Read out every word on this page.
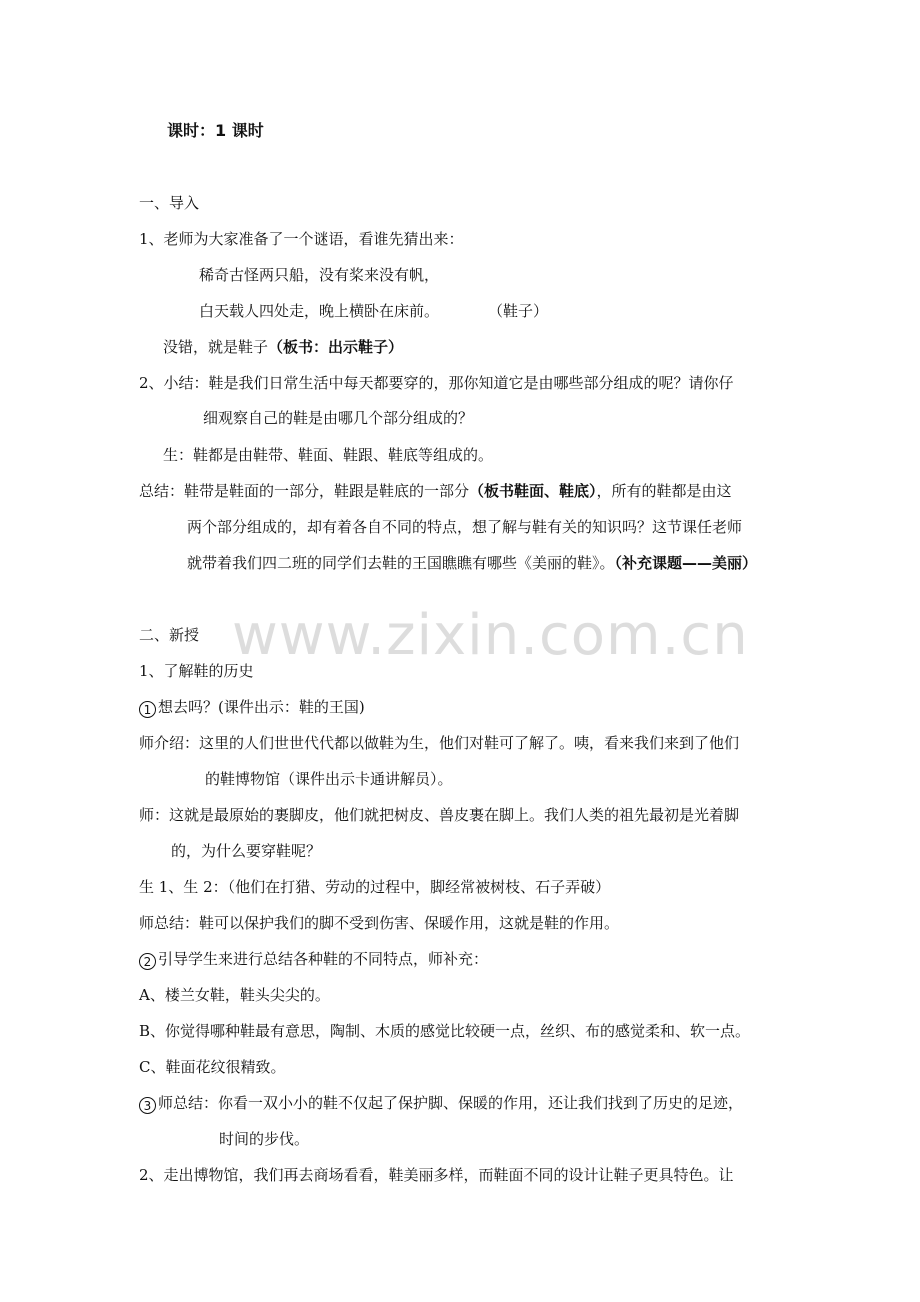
www.zixin.com.cn
课时：1 课时
一、导入
1、老师为大家准备了一个谜语，看谁先猜出来：
稀奇古怪两只船，没有桨来没有帆，
白天载人四处走，晚上横卧在床前。	（鞋子）
没错，就是鞋子（板书：出示鞋子）
2、小结：鞋是我们日常生活中每天都要穿的，那你知道它是由哪些部分组成的呢？请你仔
细观察自己的鞋是由哪几个部分组成的？
生：鞋都是由鞋带、鞋面、鞋跟、鞋底等组成的。
总结：鞋带是鞋面的一部分，鞋跟是鞋底的一部分（板书鞋面、鞋底），所有的鞋都是由这
两个部分组成的，却有着各自不同的特点，想了解与鞋有关的知识吗？这节课任老师
就带着我们四二班的同学们去鞋的王国瞧瞧有哪些《美丽的鞋》。（补充课题——美丽）
二、新授
1、了解鞋的历史
1 想去吗？(课件出示：鞋的王国)
师介绍：这里的人们世世代代都以做鞋为生，他们对鞋可了解了。咦，看来我们来到了他们
的鞋博物馆（课件出示卡通讲解员）。
师：这就是最原始的裹脚皮，他们就把树皮、兽皮裹在脚上。我们人类的祖先最初是光着脚
的，为什么要穿鞋呢？
生 1、生 2：（他们在打猎、劳动的过程中，脚经常被树枝、石子弄破）
师总结：鞋可以保护我们的脚不受到伤害、保暖作用，这就是鞋的作用。
2 引导学生来进行总结各种鞋的不同特点，师补充：
A、楼兰女鞋，鞋头尖尖的。
B、你觉得哪种鞋最有意思，陶制、木质的感觉比较硬一点，丝织、布的感觉柔和、软一点。
C、鞋面花纹很精致。
3 师总结：你看一双小小的鞋不仅起了保护脚、保暖的作用，还让我们找到了历史的足迹，
时间的步伐。
2、走出博物馆，我们再去商场看看，鞋美丽多样，而鞋面不同的设计让鞋子更具特色。让
